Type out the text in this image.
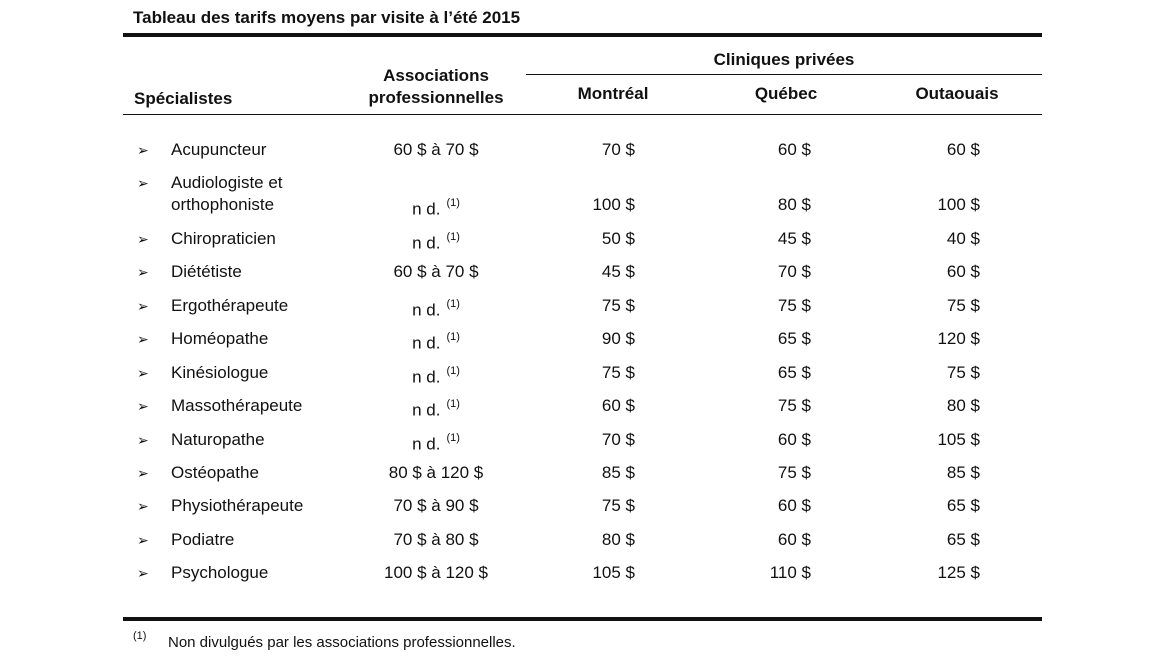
Tableau des tarifs moyens par visite à l’été 2015
Cliniques privées
Spécialistes
Associations
professionnelles	Montréal	Québec	Outaouais
➢ Acupuncteur	60 $ à 70 $	70 $	60 $	60 $
➢ Audiologiste et
orthophoniste	n d. $^{(1)}$	100 $	80 $	100 $
➢ Chiropraticien	n d. $^{(1)}$	50 $	45 $	40 $
➢ Diététiste	60 $ à 70 $	45 $	70 $	60 $
➢ Ergothérapeute	n d. $^{(1)}$	75 $	75 $	75 $
➢ Homéopathe	n d. $^{(1)}$	90 $	65 $	120 $
➢ Kinésiologue	n d. $^{(1)}$	75 $	65 $	75 $
➢ Massothérapeute	n d. $^{(1)}$	60 $	75 $	80 $
➢ Naturopathe	n d. $^{(1)}$	70 $	60 $	105 $
➢ Ostéopathe	80 $ à 120 $	85 $	75 $	85 $
➢ Physiothérapeute	70 $ à 90 $	75 $	60 $	65 $
➢ Podiatre	70 $ à 80 $	80 $	60 $	65 $
➢ Psychologue	100 $ à 120 $	105 $	110 $	125 $
(1) Non divulgués par les associations professionnelles.
